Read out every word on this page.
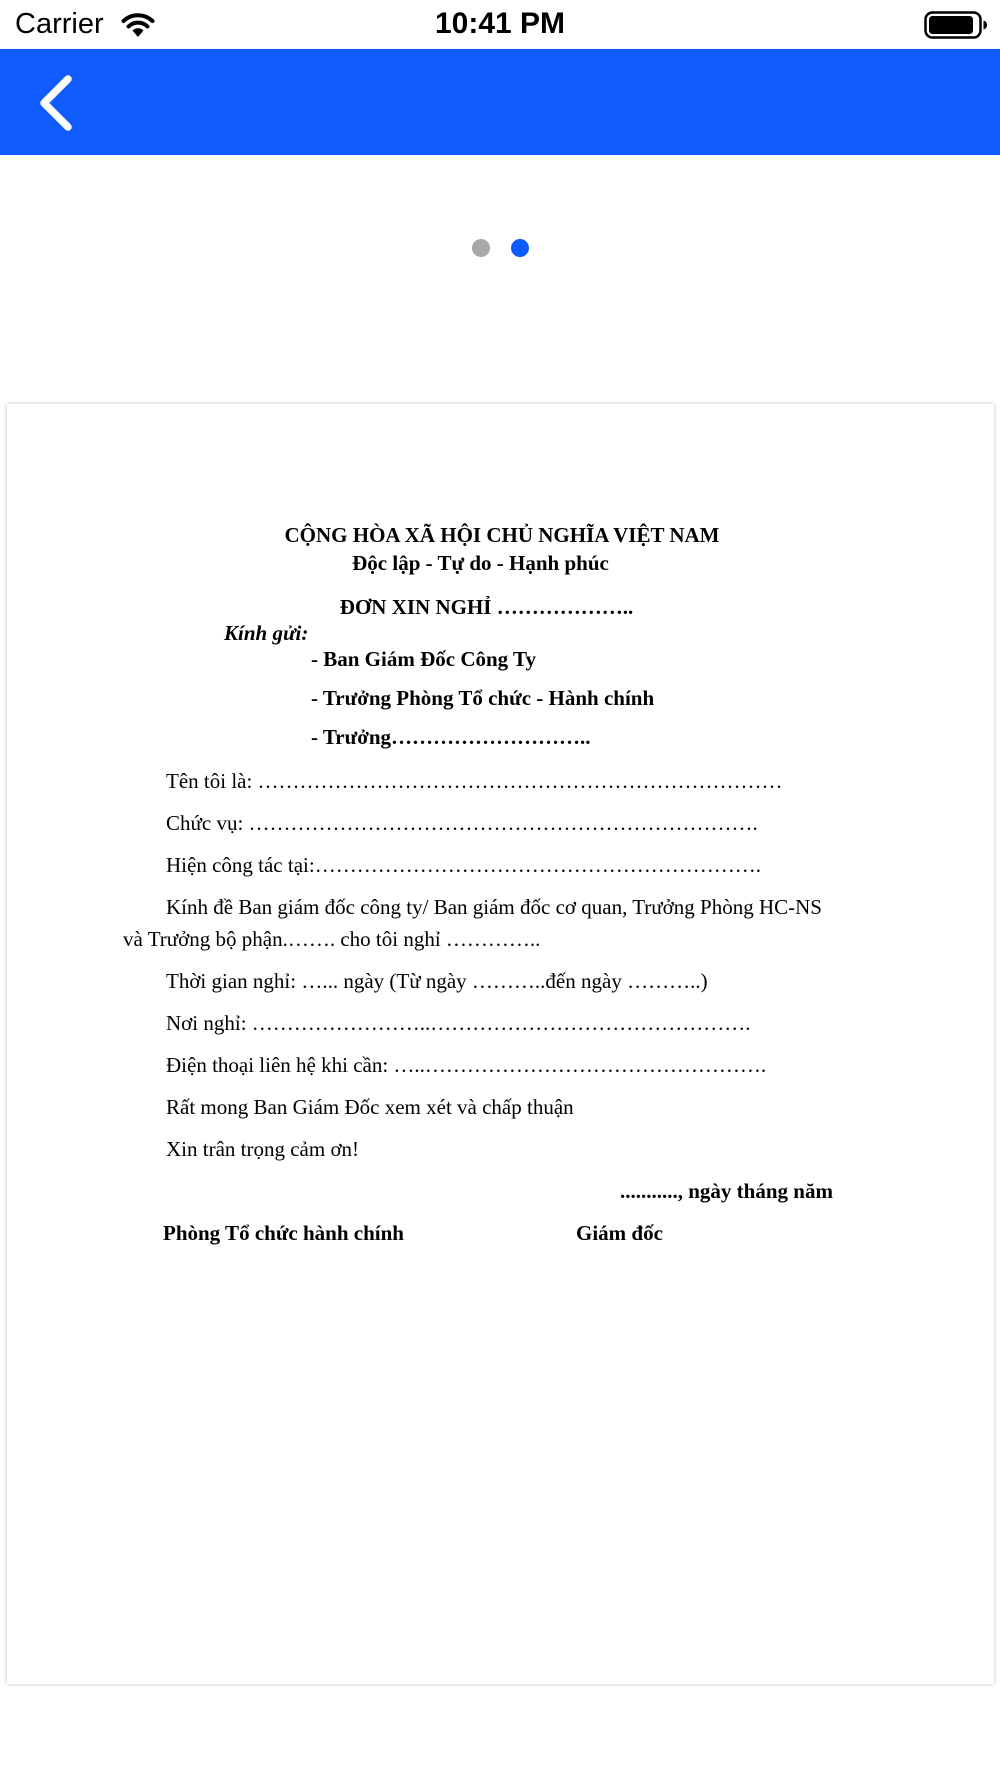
Carrier	10:41 PM
CỘNG HÒA XÃ HỘI CHỦ NGHĨA VIỆT NAM
Độc lập - Tự do - Hạnh phúc
ĐƠN XIN NGHỈ ………………..
Kính gửi:
- Ban Giám Đốc Công Ty
- Trưởng Phòng Tổ chức - Hành chính
- Trưởng………………………..
Tên tôi là: …………………………………………………………………
Chức vụ: ……………………………………………………………….
Hiện công tác tại:……………………………………………………….
Kính đề Ban giám đốc công ty/ Ban giám đốc cơ quan, Trưởng Phòng HC-NS
và Trưởng bộ phận.……. cho tôi nghỉ …………..
Thời gian nghỉ: …... ngày (Từ ngày ………..đến ngày ………..)
Nơi nghỉ: ……………………..……………………………………….
Điện thoại liên hệ khi cần: …..………………………………………….
Rất mong Ban Giám Đốc xem xét và chấp thuận
Xin trân trọng cảm ơn!
..........., ngày tháng năm
Phòng Tổ chức hành chính	Giám đốc
